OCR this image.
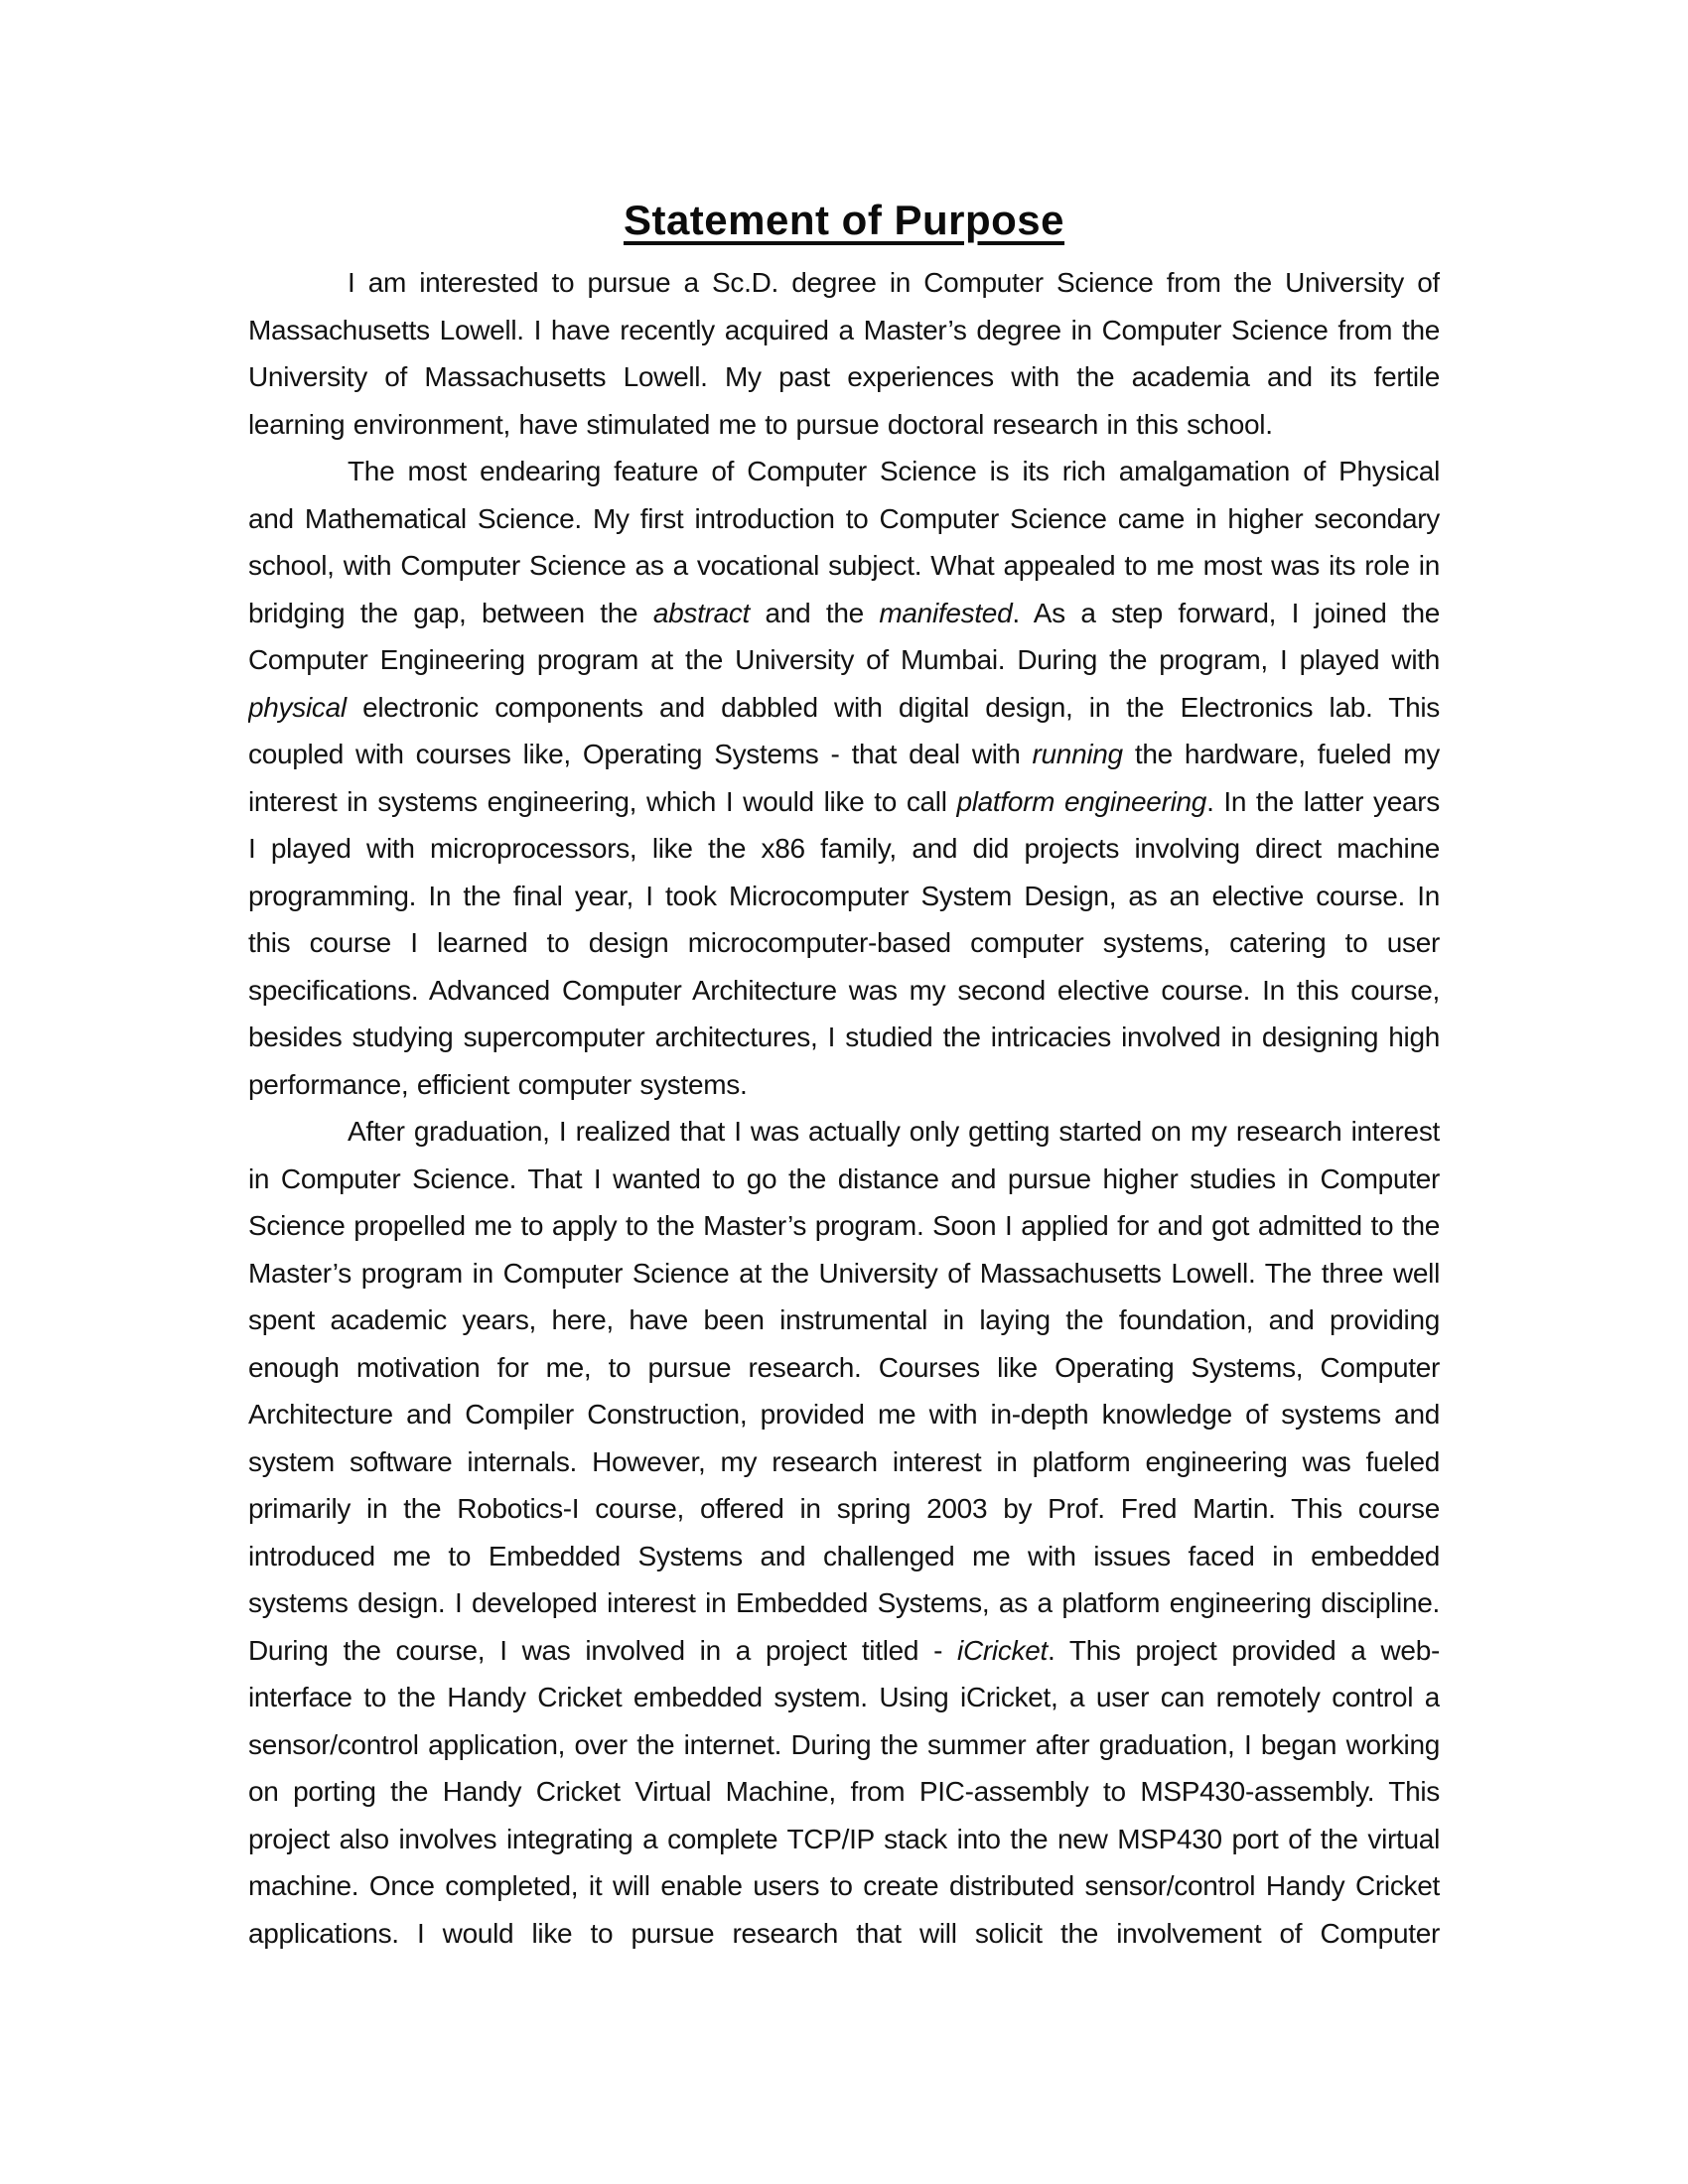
Statement of Purpose
I am interested to pursue a Sc.D. degree in Computer Science from the University of
Massachusetts Lowell. I have recently acquired a Master’s degree in Computer Science from the
University of Massachusetts Lowell. My past experiences with the academia and its fertile
learning environment, have stimulated me to pursue doctoral research in this school.
The most endearing feature of Computer Science is its rich amalgamation of Physical
and Mathematical Science. My first introduction to Computer Science came in higher secondary
school, with Computer Science as a vocational subject. What appealed to me most was its role in
bridging the gap, between the abstract and the manifested. As a step forward, I joined the
Computer Engineering program at the University of Mumbai. During the program, I played with
physical electronic components and dabbled with digital design, in the Electronics lab. This
coupled with courses like, Operating Systems - that deal with running the hardware, fueled my
interest in systems engineering, which I would like to call platform engineering. In the latter years
I played with microprocessors, like the x86 family, and did projects involving direct machine
programming. In the final year, I took Microcomputer System Design, as an elective course. In
this course I learned to design microcomputer-based computer systems, catering to user
specifications. Advanced Computer Architecture was my second elective course. In this course,
besides studying supercomputer architectures, I studied the intricacies involved in designing high
performance, efficient computer systems.
After graduation, I realized that I was actually only getting started on my research interest
in Computer Science. That I wanted to go the distance and pursue higher studies in Computer
Science propelled me to apply to the Master’s program. Soon I applied for and got admitted to the
Master’s program in Computer Science at the University of Massachusetts Lowell. The three well
spent academic years, here, have been instrumental in laying the foundation, and providing
enough motivation for me, to pursue research. Courses like Operating Systems, Computer
Architecture and Compiler Construction, provided me with in-depth knowledge of systems and
system software internals. However, my research interest in platform engineering was fueled
primarily in the Robotics-I course, offered in spring 2003 by Prof. Fred Martin. This course
introduced me to Embedded Systems and challenged me with issues faced in embedded
systems design. I developed interest in Embedded Systems, as a platform engineering discipline.
During the course, I was involved in a project titled - iCricket. This project provided a web-
interface to the Handy Cricket embedded system. Using iCricket, a user can remotely control a
sensor/control application, over the internet. During the summer after graduation, I began working
on porting the Handy Cricket Virtual Machine, from PIC-assembly to MSP430-assembly. This
project also involves integrating a complete TCP/IP stack into the new MSP430 port of the virtual
machine. Once completed, it will enable users to create distributed sensor/control Handy Cricket
applications. I would like to pursue research that will solicit the involvement of Computer
